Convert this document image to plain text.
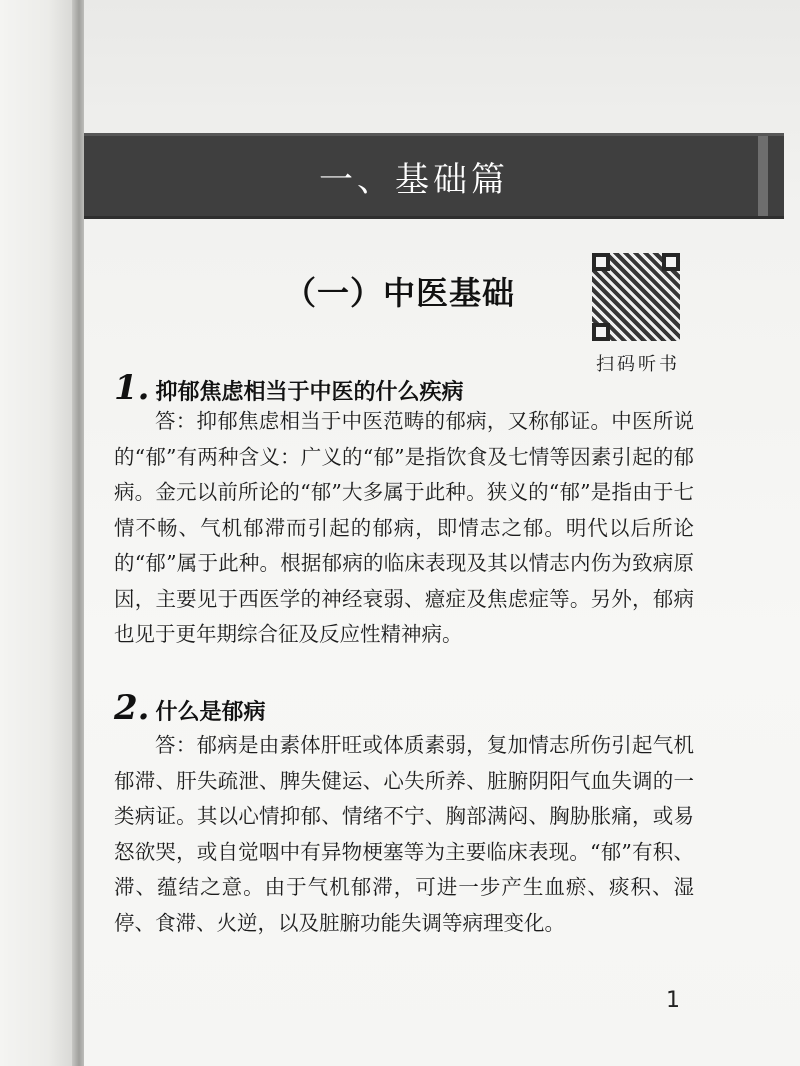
一、基础篇
（一）中医基础
扫码听书
1. 抑郁焦虑相当于中医的什么疾病

答：抑郁焦虑相当于中医范畴的郁病，又称郁证。中医所说的“郁”有两种含义：广义的“郁”是指饮食及七情等因素引起的郁病。金元以前所论的“郁”大多属于此种。狭义的“郁”是指由于七情不畅、气机郁滞而引起的郁病，即情志之郁。明代以后所论的“郁”属于此种。根据郁病的临床表现及其以情志内伤为致病原因，主要见于西医学的神经衰弱、癔症及焦虑症等。另外，郁病也见于更年期综合征及反应性精神病。

2. 什么是郁病

答：郁病是由素体肝旺或体质素弱，复加情志所伤引起气机郁滞、肝失疏泄、脾失健运、心失所养、脏腑阴阳气血失调的一类病证。其以心情抑郁、情绪不宁、胸部满闷、胸胁胀痛，或易怒欲哭，或自觉咽中有异物梗塞等为主要临床表现。“郁”有积、滞、蕴结之意。由于气机郁滞，可进一步产生血瘀、痰积、湿停、食滞、火逆，以及脏腑功能失调等病理变化。

1
